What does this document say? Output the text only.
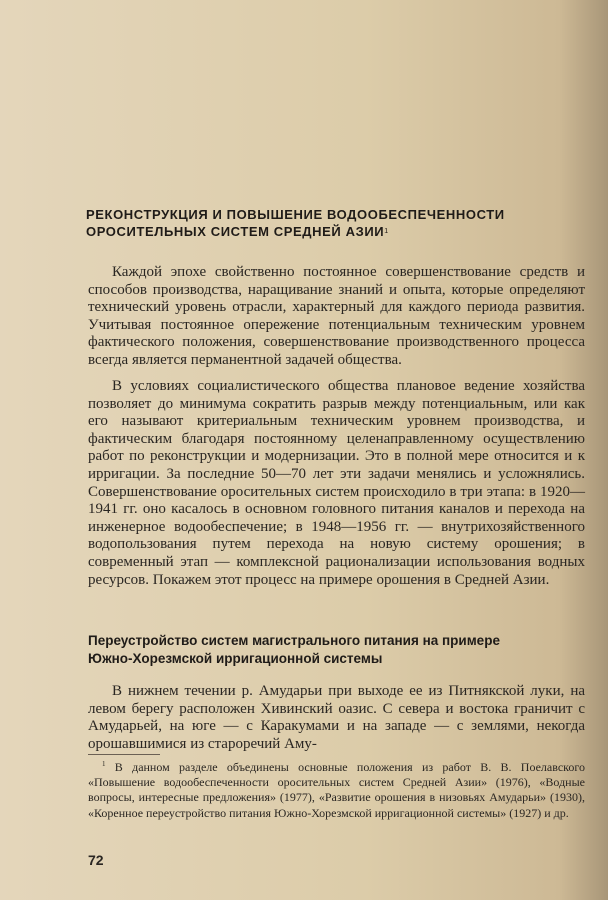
РЕКОНСТРУКЦИЯ И ПОВЫШЕНИЕ ВОДООБЕСПЕЧЕННОСТИ
ОРОСИТЕЛЬНЫХ СИСТЕМ СРЕДНЕЙ АЗИИ$^1$

Каждой эпохе свойственно постоянное совершенствование средств и способов производства, наращивание знаний и опыта, которые определяют технический уровень отрасли, характерный для каждого периода развития. Учитывая постоянное опережение потенциальным техническим уровнем фактического положения, совершенствование производственного процесса всегда является перманентной задачей общества.

В условиях социалистического общества плановое ведение хозяйства позволяет до минимума сократить разрыв между потенциальным, или как его называют критериальным техническим уровнем производства, и фактическим благодаря постоянному целенаправленному осуществлению работ по реконструкции и модернизации. Это в полной мере относится и к ирригации. За последние 50—70 лет эти задачи менялись и усложнялись. Совершенствование оросительных систем происходило в три этапа: в 1920—1941 гг. оно касалось в основном головного питания каналов и перехода на инженерное водообеспечение; в 1948—1956 гг. — внутрихозяйственного водопользования путем перехода на новую систему орошения; в современный этап — комплексной рационализации использования водных ресурсов. Покажем этот процесс на примере орошения в Средней Азии.

Переустройство систем магистрального питания на примере
Южно-Хорезмской ирригационной системы

В нижнем течении р. Амударьи при выходе ее из Питнякской луки, на левом берегу расположен Хивинский оазис. С севера и востока граничит с Амударьей, на юге — с Каракумами и на западе — с землями, некогда орошавшимися из староречий Аму-

$^1$ В данном разделе объединены основные положения из работ В. В. Поелавского «Повышение водообеспеченности оросительных систем Средней Азии» (1976), «Водные вопросы, интересные предложения» (1977), «Развитие орошения в низовьях Амударьи» (1930), «Коренное переустройство питания Южно-Хорезмской ирригационной системы» (1927) и др.

72
